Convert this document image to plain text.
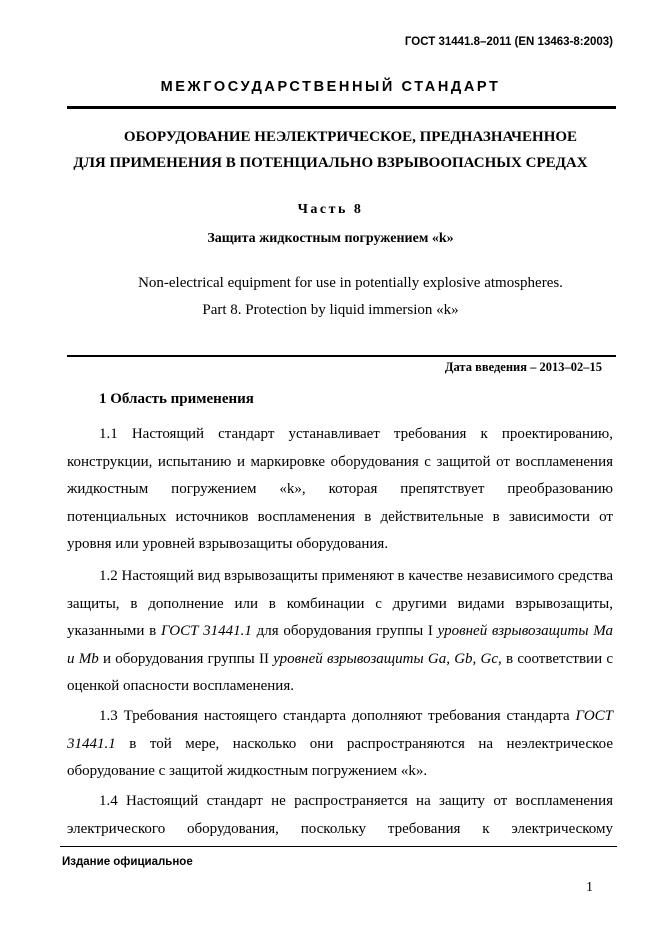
ГОСТ 31441.8–2011 (EN 13463-8:2003)
МЕЖГОСУДАРСТВЕННЫЙ СТАНДАРТ
ОБОРУДОВАНИЕ НЕЭЛЕКТРИЧЕСКОЕ, ПРЕДНАЗНАЧЕННОЕ
ДЛЯ ПРИМЕНЕНИЯ В ПОТЕНЦИАЛЬНО ВЗРЫВООПАСНЫХ СРЕДАХ
Часть 8
Защита жидкостным погружением «k»
Non-electrical equipment for use in potentially explosive atmospheres.
Part 8. Protection by liquid immersion «k»
Дата введения – 2013–02–15
1 Область применения
1.1 Настоящий стандарт устанавливает требования к проектированию, конструкции, испытанию и маркировке оборудования с защитой от воспламенения жидкостным погружением «k», которая препятствует преобразованию потенциальных источников воспламенения в действительные в зависимости от уровня или уровней взрывозащиты оборудования.
1.2 Настоящий вид взрывозащиты применяют в качестве независимого средства защиты, в дополнение или в комбинации с другими видами взрывозащиты, указанными в ГОСТ 31441.1 для оборудования группы I уровней взрывозащиты Ма и Mb и оборудования группы II уровней взрывозащиты Ga, Gb, Gc, в соответствии с оценкой опасности воспламенения.
1.3 Требования настоящего стандарта дополняют требования стандарта ГОСТ 31441.1 в той мере, насколько они распространяются на неэлектрическое оборудование с защитой жидкостным погружением «k».
1.4 Настоящий стандарт не распространяется на защиту от воспламенения электрического оборудования, поскольку требования к электрическому
Издание официальное
1
